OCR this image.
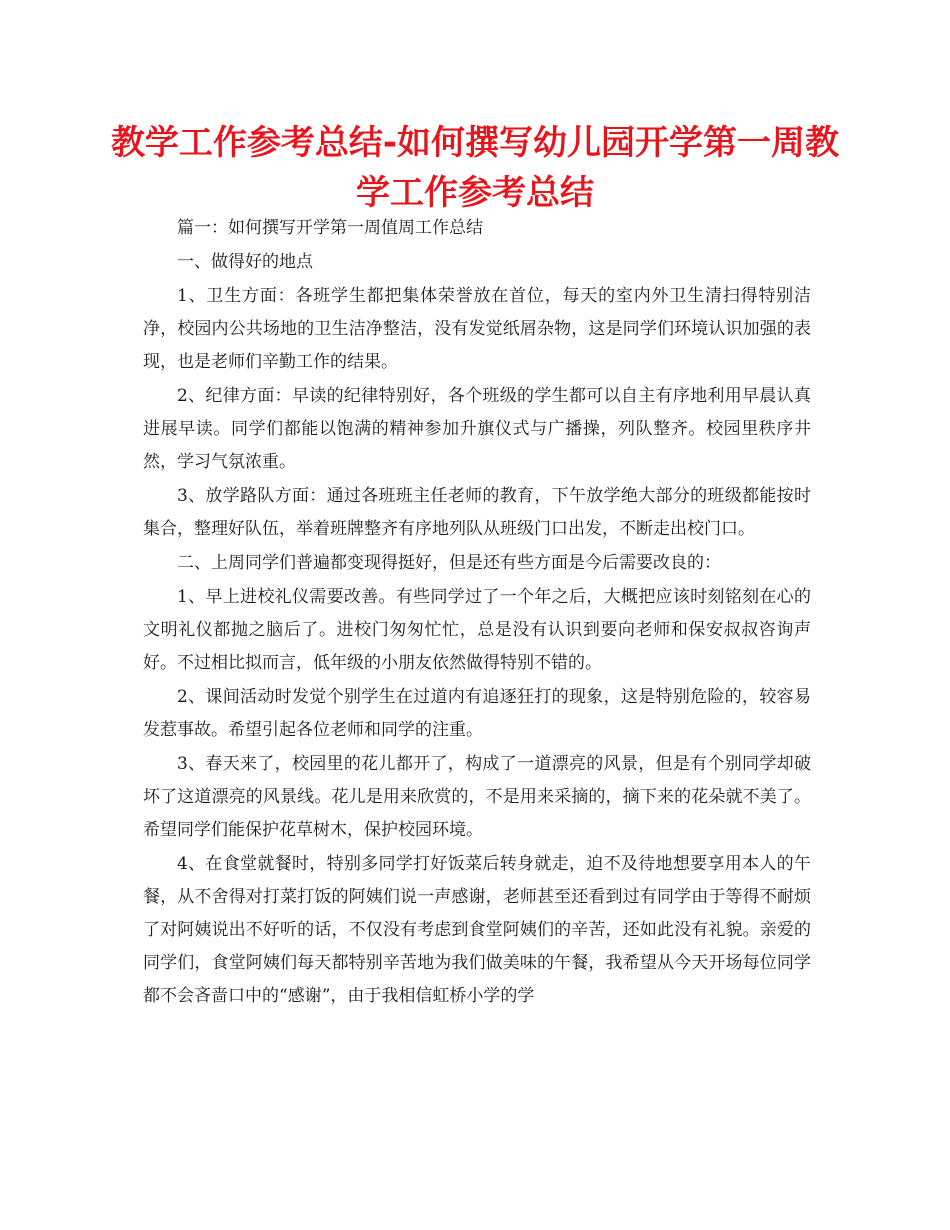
教学工作参考总结-如何撰写幼儿园开学第一周教学工作参考总结

篇一：如何撰写开学第一周值周工作总结

一、做得好的地点

1、卫生方面：各班学生都把集体荣誉放在首位，每天的室内外卫生清扫得特别洁净，校园内公共场地的卫生洁净整洁，没有发觉纸屑杂物，这是同学们环境认识加强的表现，也是老师们辛勤工作的结果。

2、纪律方面：早读的纪律特别好，各个班级的学生都可以自主有序地利用早晨认真进展早读。同学们都能以饱满的精神参加升旗仪式与广播操，列队整齐。校园里秩序井然，学习气氛浓重。

3、放学路队方面：通过各班班主任老师的教育，下午放学绝大部分的班级都能按时集合，整理好队伍，举着班牌整齐有序地列队从班级门口出发，不断走出校门口。

二、上周同学们普遍都变现得挺好，但是还有些方面是今后需要改良的：

1、早上进校礼仪需要改善。有些同学过了一个年之后，大概把应该时刻铭刻在心的文明礼仪都抛之脑后了。进校门匆匆忙忙，总是没有认识到要向老师和保安叔叔咨询声好。不过相比拟而言，低年级的小朋友依然做得特别不错的。

2、课间活动时发觉个别学生在过道内有追逐狂打的现象，这是特别危险的，较容易发惹事故。希望引起各位老师和同学的注重。

3、春天来了，校园里的花儿都开了，构成了一道漂亮的风景，但是有个别同学却破坏了这道漂亮的风景线。花儿是用来欣赏的，不是用来采摘的，摘下来的花朵就不美了。希望同学们能保护花草树木，保护校园环境。

4、在食堂就餐时，特别多同学打好饭菜后转身就走，迫不及待地想要享用本人的午餐，从不舍得对打菜打饭的阿姨们说一声感谢，老师甚至还看到过有同学由于等得不耐烦了对阿姨说出不好听的话，不仅没有考虑到食堂阿姨们的辛苦，还如此没有礼貌。亲爱的同学们，食堂阿姨们每天都特别辛苦地为我们做美味的午餐，我希望从今天开场每位同学都不会吝啬口中的“感谢”，由于我相信虹桥小学的学
